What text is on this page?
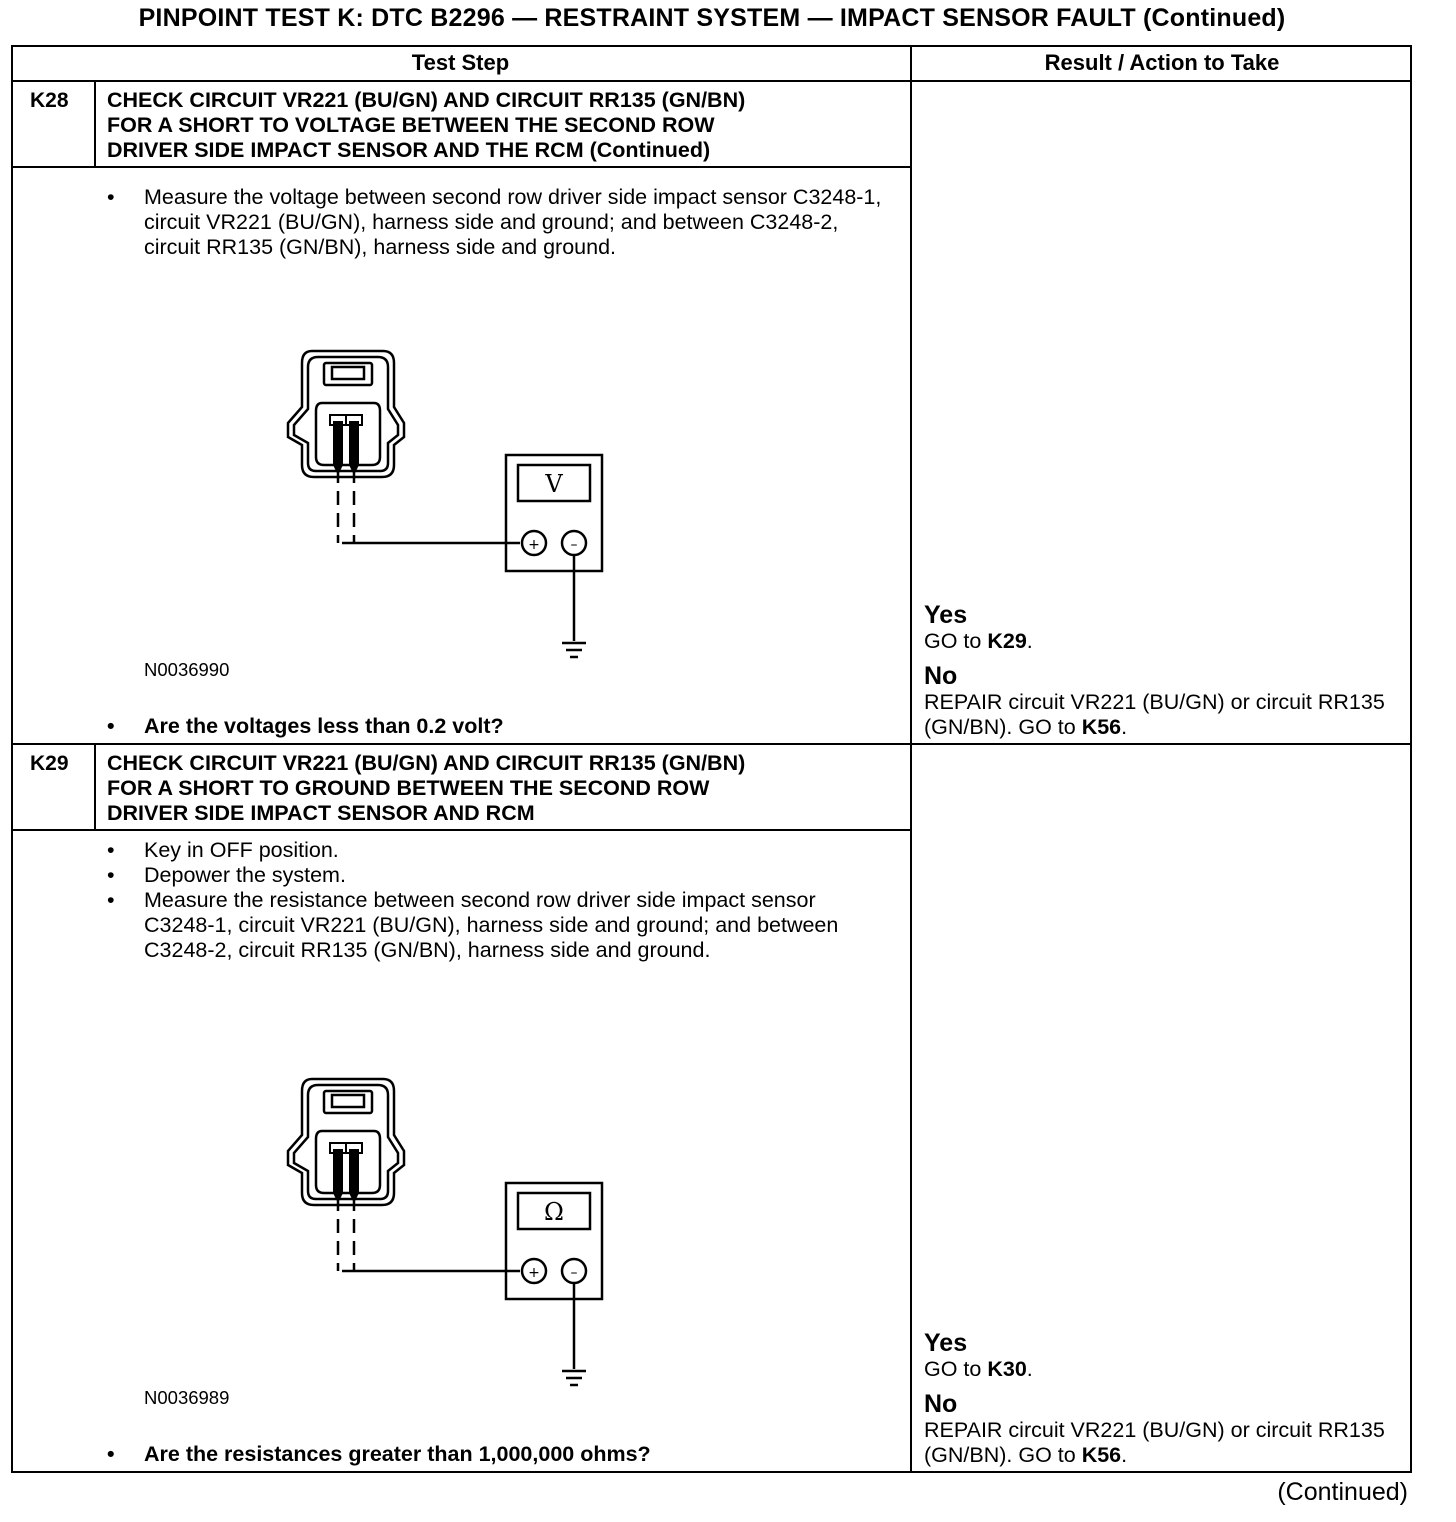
PINPOINT TEST K: DTC B2296 — RESTRAINT SYSTEM — IMPACT SENSOR FAULT (Continued)
Test Step	Result / Action to Take
K28 CHECK CIRCUIT VR221 (BU/GN) AND CIRCUIT RR135 (GN/BN)
FOR A SHORT TO VOLTAGE BETWEEN THE SECOND ROW
DRIVER SIDE IMPACT SENSOR AND THE RCM (Continued)
• Measure the voltage between second row driver side impact sensor C3248-1, circuit VR221 (BU/GN), harness side and ground; and between C3248-2, circuit RR135 (GN/BN), harness side and ground.
+ –
V
N0036990
• Are the voltages less than 0.2 volt?
Yes
GO to K29.
No
REPAIR circuit VR221 (BU/GN) or circuit RR135 (GN/BN). GO to K56.
K29 CHECK CIRCUIT VR221 (BU/GN) AND CIRCUIT RR135 (GN/BN)
FOR A SHORT TO GROUND BETWEEN THE SECOND ROW
DRIVER SIDE IMPACT SENSOR AND RCM
• Key in OFF position.
• Depower the system.
• Measure the resistance between second row driver side impact sensor C3248-1, circuit VR221 (BU/GN), harness side and ground; and between C3248-2, circuit RR135 (GN/BN), harness side and ground.
+ –
Ω
N0036989
• Are the resistances greater than 1,000,000 ohms?
Yes
GO to K30.
No
REPAIR circuit VR221 (BU/GN) or circuit RR135 (GN/BN). GO to K56.
(Continued)
